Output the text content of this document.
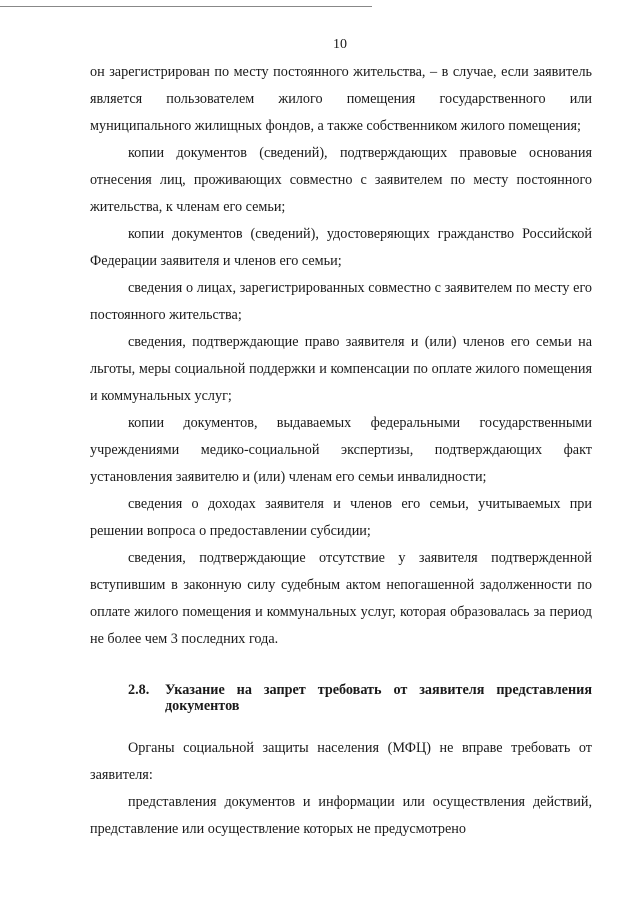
10

он зарегистрирован по месту постоянного жительства, – в случае, если заявитель является пользователем жилого помещения государственного или муниципального жилищных фондов, а также собственником жилого помещения;

копии документов (сведений), подтверждающих правовые основания отнесения лиц, проживающих совместно с заявителем по месту постоянного жительства, к членам его семьи;

копии документов (сведений), удостоверяющих гражданство Российской Федерации заявителя и членов его семьи;

сведения о лицах, зарегистрированных совместно с заявителем по месту его постоянного жительства;

сведения, подтверждающие право заявителя и (или) членов его семьи на льготы, меры социальной поддержки и компенсации по оплате жилого помещения и коммунальных услуг;

копии документов, выдаваемых федеральными государственными учреждениями медико-социальной экспертизы, подтверждающих факт установления заявителю и (или) членам его семьи инвалидности;

сведения о доходах заявителя и членов его семьи, учитываемых при решении вопроса о предоставлении субсидии;

сведения, подтверждающие отсутствие у заявителя подтвержденной вступившим в законную силу судебным актом непогашенной задолженности по оплате жилого помещения и коммунальных услуг, которая образовалась за период не более чем 3 последних года.

2.8.	Указание на запрет требовать от заявителя представления документов

Органы социальной защиты населения (МФЦ) не вправе требовать от заявителя:

представления документов и информации или осуществления действий, представление или осуществление которых не предусмотрено
